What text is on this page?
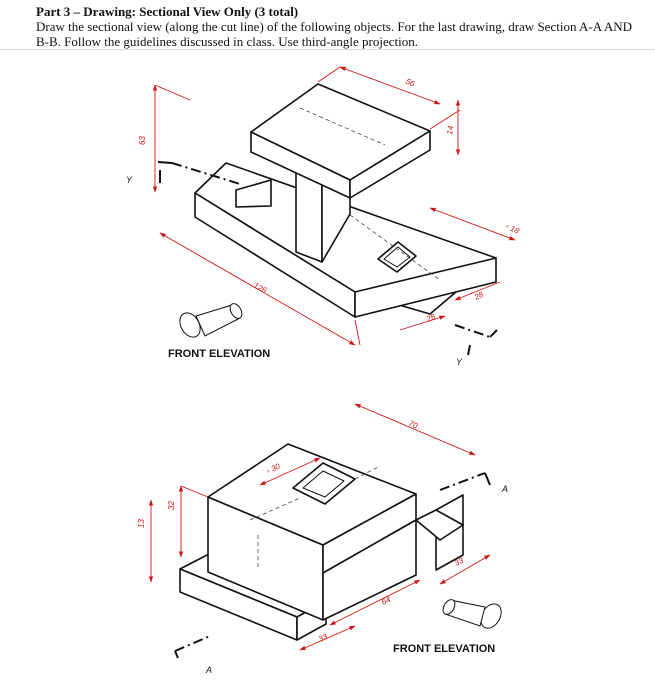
Part 3 – Drawing: Sectional View Only (3 total)
Draw the sectional view (along the cut line) of the following objects. For the last drawing, draw Section A-A AND B-B. Follow the guidelines discussed in class. Use third-angle projection.
Y
Y
63
56
14
▫ 18
126
28
28
FRONT ELEVATION
A
A
70
▫ 30
32
13
33
64
33
FRONT ELEVATION
